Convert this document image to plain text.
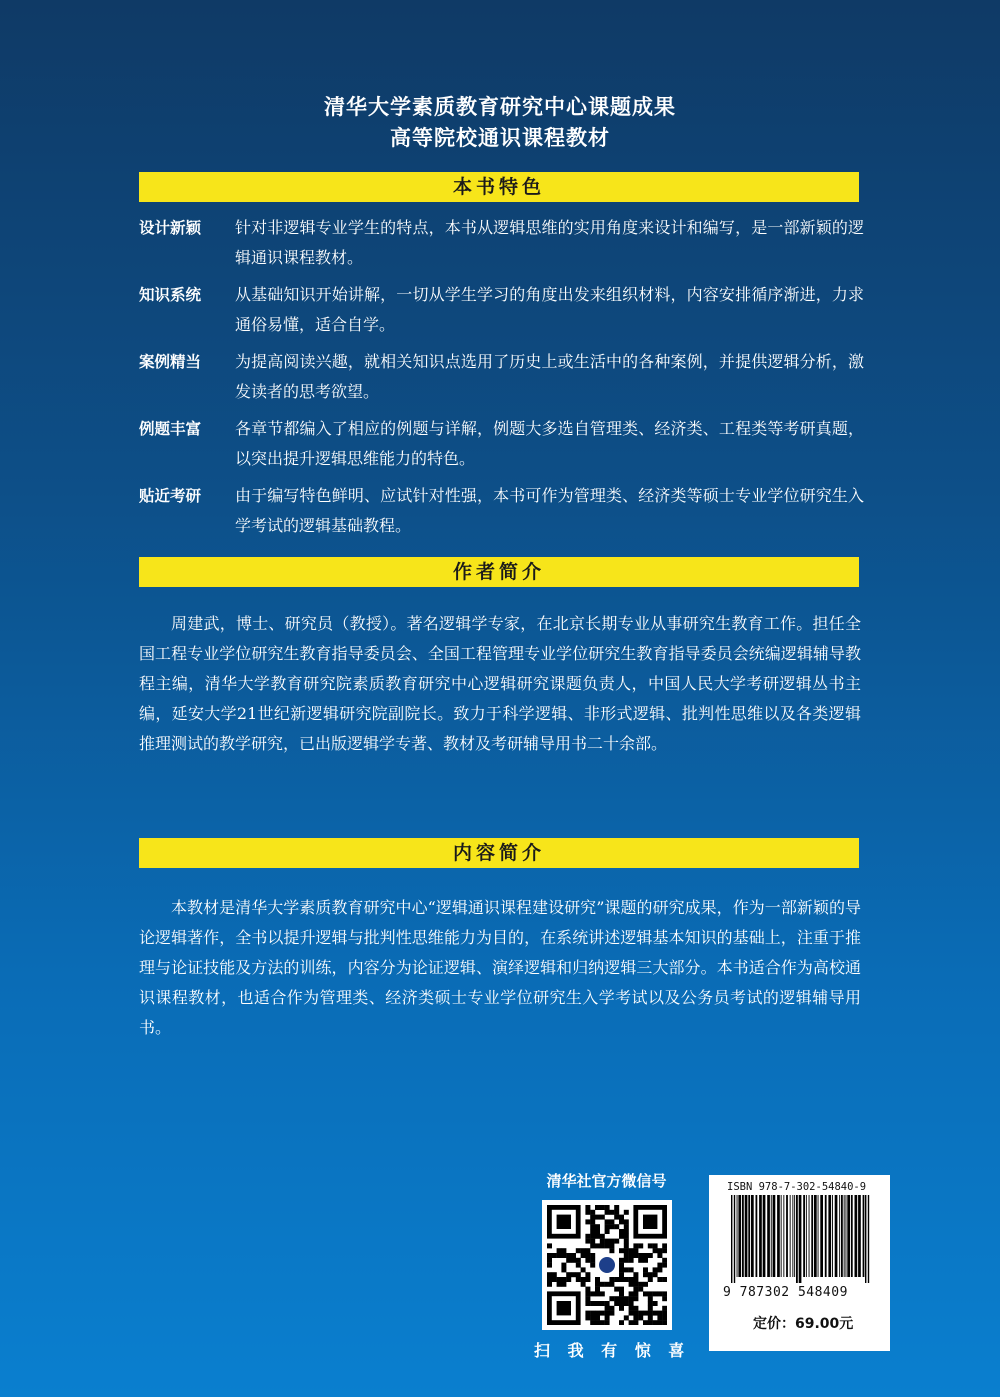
清华大学素质教育研究中心课题成果
高等院校通识课程教材
本书特色
设计新颖	针对非逻辑专业学生的特点，本书从逻辑思维的实用角度来设计和编写，是一部新颖的逻辑通识课程教材。
知识系统	从基础知识开始讲解，一切从学生学习的角度出发来组织材料，内容安排循序渐进，力求通俗易懂，适合自学。
案例精当	为提高阅读兴趣，就相关知识点选用了历史上或生活中的各种案例，并提供逻辑分析，激发读者的思考欲望。
例题丰富	各章节都编入了相应的例题与详解，例题大多选自管理类、经济类、工程类等考研真题，以突出提升逻辑思维能力的特色。
贴近考研	由于编写特色鲜明、应试针对性强，本书可作为管理类、经济类等硕士专业学位研究生入学考试的逻辑基础教程。
作者简介
周建武，博士、研究员（教授）。著名逻辑学专家，在北京长期专业从事研究生教育工作。担任全国工程专业学位研究生教育指导委员会、全国工程管理专业学位研究生教育指导委员会统编逻辑辅导教程主编，清华大学教育研究院素质教育研究中心逻辑研究课题负责人，中国人民大学考研逻辑丛书主编，延安大学21世纪新逻辑研究院副院长。致力于科学逻辑、非形式逻辑、批判性思维以及各类逻辑推理测试的教学研究，已出版逻辑学专著、教材及考研辅导用书二十余部。
内容简介
本教材是清华大学素质教育研究中心“逻辑通识课程建设研究”课题的研究成果，作为一部新颖的导论逻辑著作，全书以提升逻辑与批判性思维能力为目的，在系统讲述逻辑基本知识的基础上，注重于推理与论证技能及方法的训练，内容分为论证逻辑、演绎逻辑和归纳逻辑三大部分。本书适合作为高校通识课程教材，也适合作为管理类、经济类硕士专业学位研究生入学考试以及公务员考试的逻辑辅导用书。
清华社官方微信号
扫 我 有 惊 喜
ISBN 978-7-302-54840-9
9 787302 548409
定价：69.00元
